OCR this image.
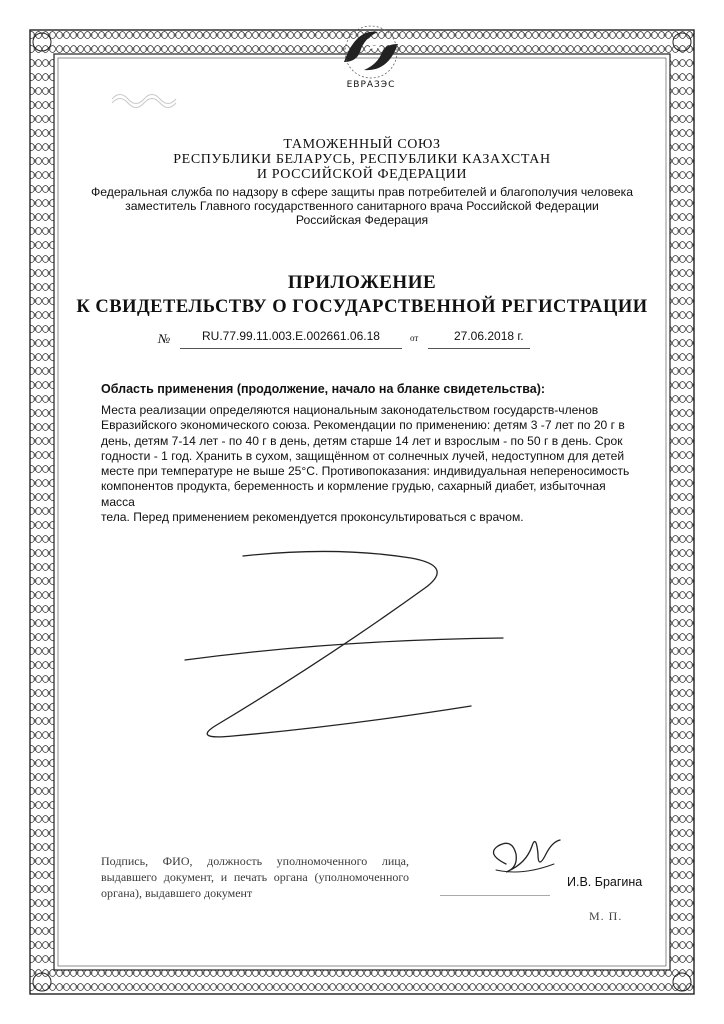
ЕВРАЗЭС
ТАМОЖЕННЫЙ СОЮЗ
РЕСПУБЛИКИ БЕЛАРУСЬ, РЕСПУБЛИКИ КАЗАХСТАН
И РОССИЙСКОЙ ФЕДЕРАЦИИ
Федеральная служба по надзору в сфере защиты прав потребителей и благополучия человека
заместитель Главного государственного санитарного врача Российской Федерации
Российская Федерация
ПРИЛОЖЕНИЕ
К СВИДЕТЕЛЬСТВУ О ГОСУДАРСТВЕННОЙ РЕГИСТРАЦИИ
№	RU.77.99.11.003.Е.002661.06.18	от	27.06.2018 г.
Область применения (продолжение, начало на бланке свидетельства):
Места реализации определяются национальным законодательством государств-членов
Евразийского экономического союза. Рекомендации по применению: детям 3 -7 лет по 20 г в
день, детям 7-14 лет - по 40 г в день, детям старше 14 лет и взрослым - по 50 г в день. Срок
годности - 1 год. Хранить в сухом, защищённом от солнечных лучей, недоступном для детей
месте при температуре не выше 25°С. Противопоказания: индивидуальная непереносимость
компонентов продукта, беременность и кормление грудью, сахарный диабет, избыточная масса
тела. Перед применением рекомендуется проконсультироваться с врачом.
Подпись, ФИО, должность уполномоченного лица, выдавшего документ, и печать органа (уполномоченного органа), выдавшего документ
И.В. Брагина
М. П.
